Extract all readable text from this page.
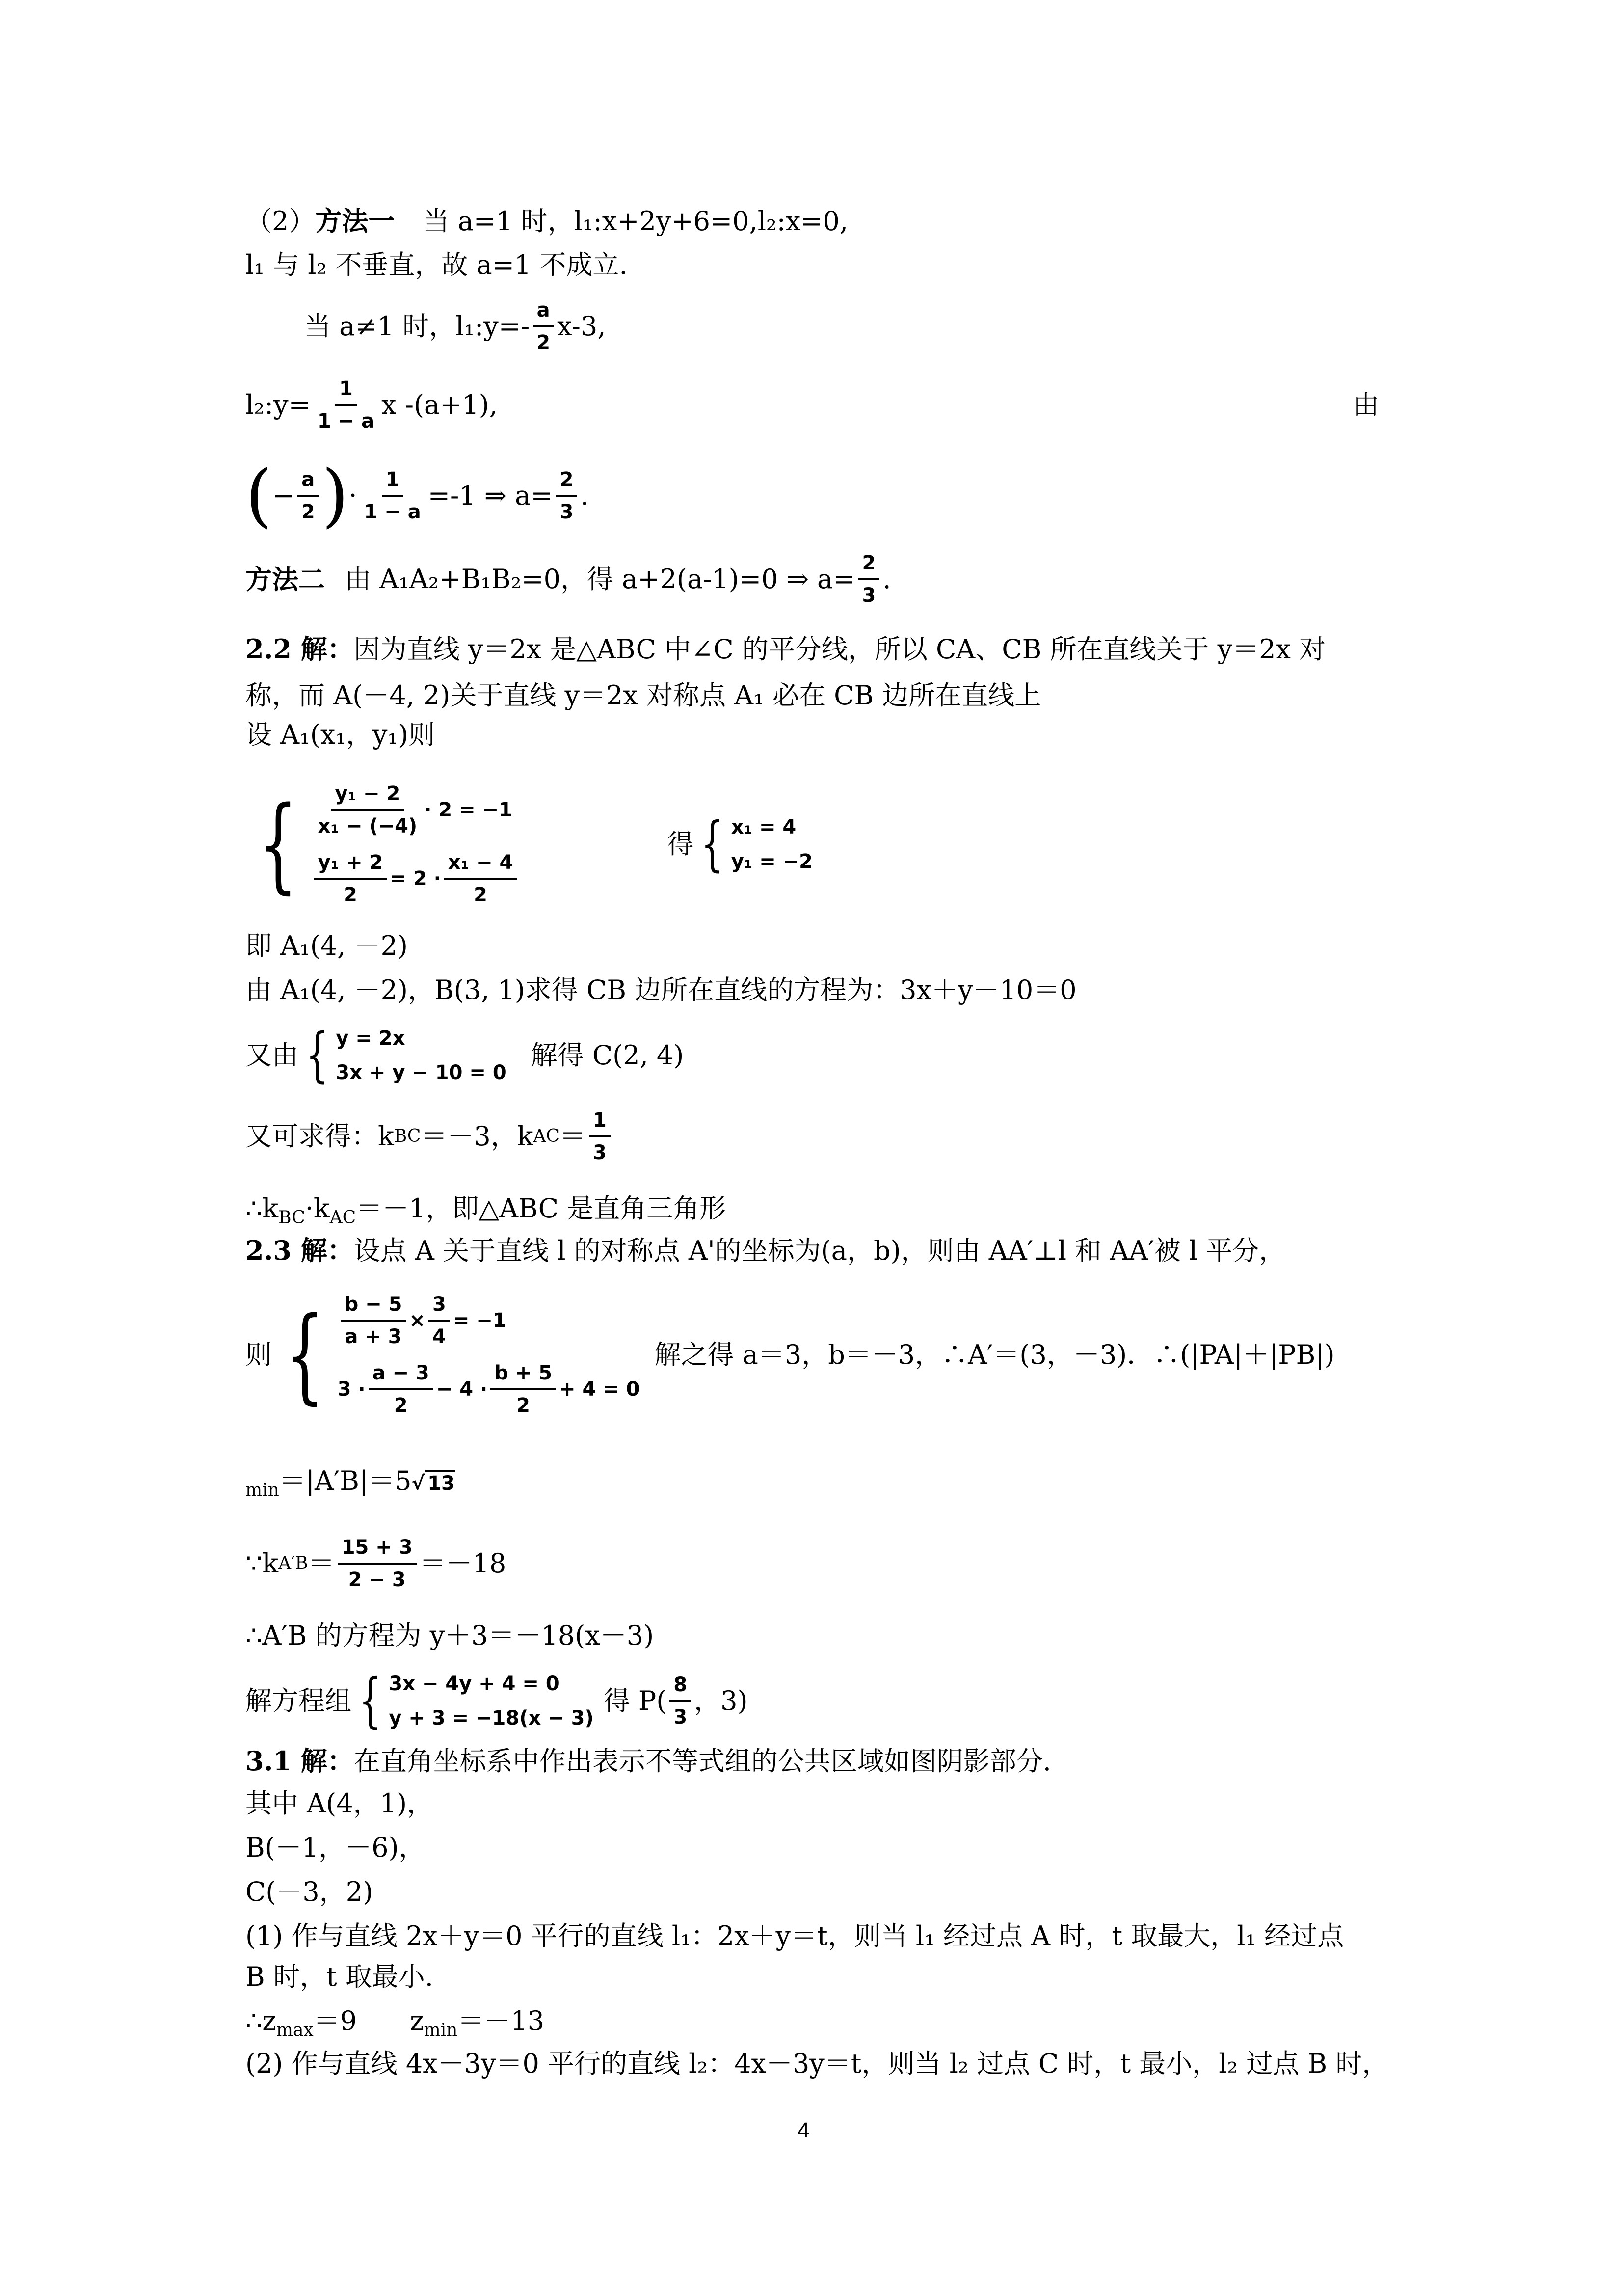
（2）方法一 当 a=1 时，l₁:x+2y+6=0,l₂:x=0,
l₁ 与 l₂ 不垂直，故 a=1 不成立.
当 a≠1 时，l₁:y=- $\frac{a}{2} x-3$,
l₂:y= $\frac{1}{1 - a}$ x -(a+1),	由
( − $\frac{a}{2}$ ) · $\frac{1}{1 - a} =-1$ ⇒ $a= \frac{2}{3}$ .
方法二 由 A₁A₂+B₁B₂=0，得 a+2(a-1)=0 ⇒ $a= \frac{2}{3}$ .
2.2 解：因为直线 y＝2x 是△ABC 中∠C 的平分线，所以 CA、CB 所在直线关于 y＝2x 对
称，而 A(－4, 2)关于直线 y＝2x 对称点 A₁ 必在 CB 边所在直线上
设 A₁(x₁，y₁)则
{ $\frac{\text{y₁ − 2}}{\text{x₁ − (−4)}} \cdot 2 = -1$
$\frac{\text{y₁ + 2}}{2} = 2 \cdot \frac{\text{x₁ − 4}}{2}$
得 { x₁ = 4
y₁ = −2
即 A₁(4, －2)
由 A₁(4, －2)，B(3, 1)求得 CB 边所在直线的方程为：3x＋y－10＝0
又由 { y = 2x
3x + y − 10 = 0
解得 C(2, 4)
又可求得：k BC ＝－3，k AC ＝ $\frac{1}{3}$
$\therefore k_{BC}\cdot k_{AC}=-1$，即△ABC 是直角三角形
2.3 解：设点 A 关于直线 l 的对称点 A'的坐标为(a，b)，则由 AA′⊥l 和 AA′被 l 平分，
则 { $\frac{b - 5}{a + 3} \times \frac{3}{4} = -1$
$3 \cdot \frac{a - 3}{2} - 4 \cdot \frac{b + 5}{2} + 4 = 0$
解之得 a＝3，b＝－3，∴A′＝(3，－3)．∴(|PA|＋|PB|)
$_{min}$＝|A′B|＝5√ 13
∵k $A'B = \frac{15 + 3}{2 - 3} =-18$
∴A′B 的方程为 y＋3＝－18(x－3)
解方程组 { 3x − 4y + 4 = 0
y + 3 = −18(x − 3)
得 $P( \frac{8}{3}$ ，3)
3.1 解：在直角坐标系中作出表示不等式组的公共区域如图阴影部分.
其中 A(4，1)，
B(－1，－6)，
C(－3，2)
(1) 作与直线 2x＋y＝0 平行的直线 l₁：2x＋y＝t，则当 l₁ 经过点 A 时，t 取最大，l₁ 经过点
B 时，t 取最小.
$\therefore z_{max}=9$　　$z_{min}=-13$
(2) 作与直线 4x－3y＝0 平行的直线 l₂：4x－3y＝t，则当 l₂ 过点 C 时，t 最小，l₂ 过点 B 时，
4
